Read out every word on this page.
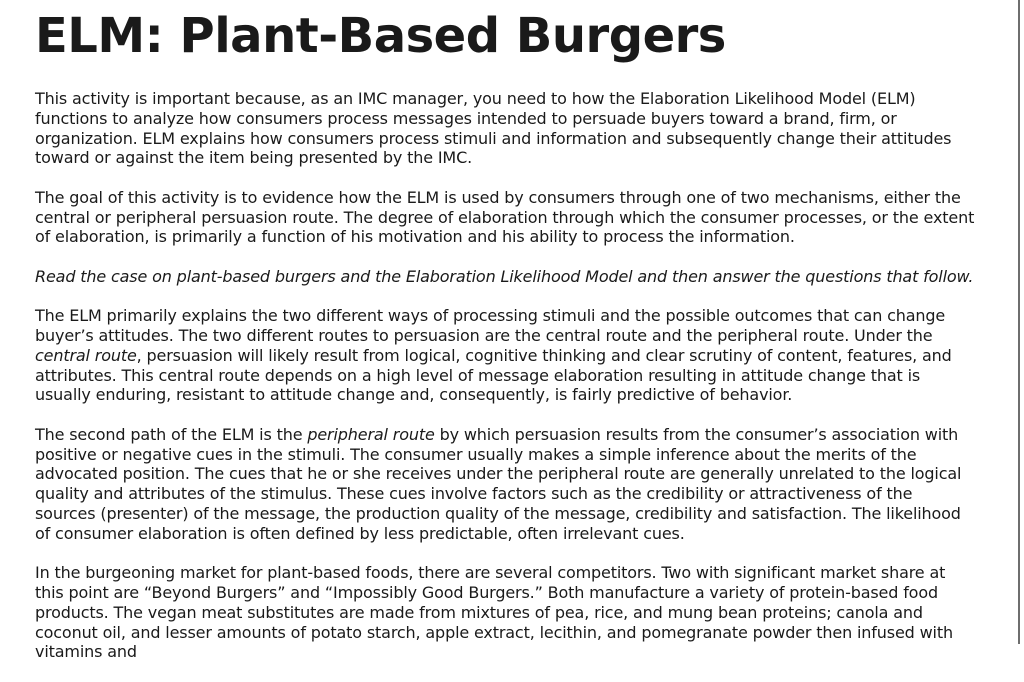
ELM: Plant-Based Burgers

This activity is important because, as an IMC manager, you need to how the Elaboration Likelihood Model (ELM) functions to analyze how consumers process messages intended to persuade buyers toward a brand, firm, or organization. ELM explains how consumers process stimuli and information and subsequently change their attitudes toward or against the item being presented by the IMC.

The goal of this activity is to evidence how the ELM is used by consumers through one of two mechanisms, either the central or peripheral persuasion route. The degree of elaboration through which the consumer processes, or the extent of elaboration, is primarily a function of his motivation and his ability to process the information.

Read the case on plant-based burgers and the Elaboration Likelihood Model and then answer the questions that follow.

The ELM primarily explains the two different ways of processing stimuli and the possible outcomes that can change buyer’s attitudes. The two different routes to persuasion are the central route and the peripheral route. Under the central route, persuasion will likely result from logical, cognitive thinking and clear scrutiny of content, features, and attributes. This central route depends on a high level of message elaboration resulting in attitude change that is usually enduring, resistant to attitude change and, consequently, is fairly predictive of behavior.

The second path of the ELM is the peripheral route by which persuasion results from the consumer’s association with positive or negative cues in the stimuli. The consumer usually makes a simple inference about the merits of the advocated position. The cues that he or she receives under the peripheral route are generally unrelated to the logical quality and attributes of the stimulus. These cues involve factors such as the credibility or attractiveness of the sources (presenter) of the message, the production quality of the message, credibility and satisfaction. The likelihood of consumer elaboration is often defined by less predictable, often irrelevant cues.

In the burgeoning market for plant-based foods, there are several competitors. Two with significant market share at this point are “Beyond Burgers” and “Impossibly Good Burgers.” Both manufacture a variety of protein-based food products. The vegan meat substitutes are made from mixtures of pea, rice, and mung bean proteins; canola and coconut oil, and lesser amounts of potato starch, apple extract, lecithin, and pomegranate powder then infused with vitamins and
